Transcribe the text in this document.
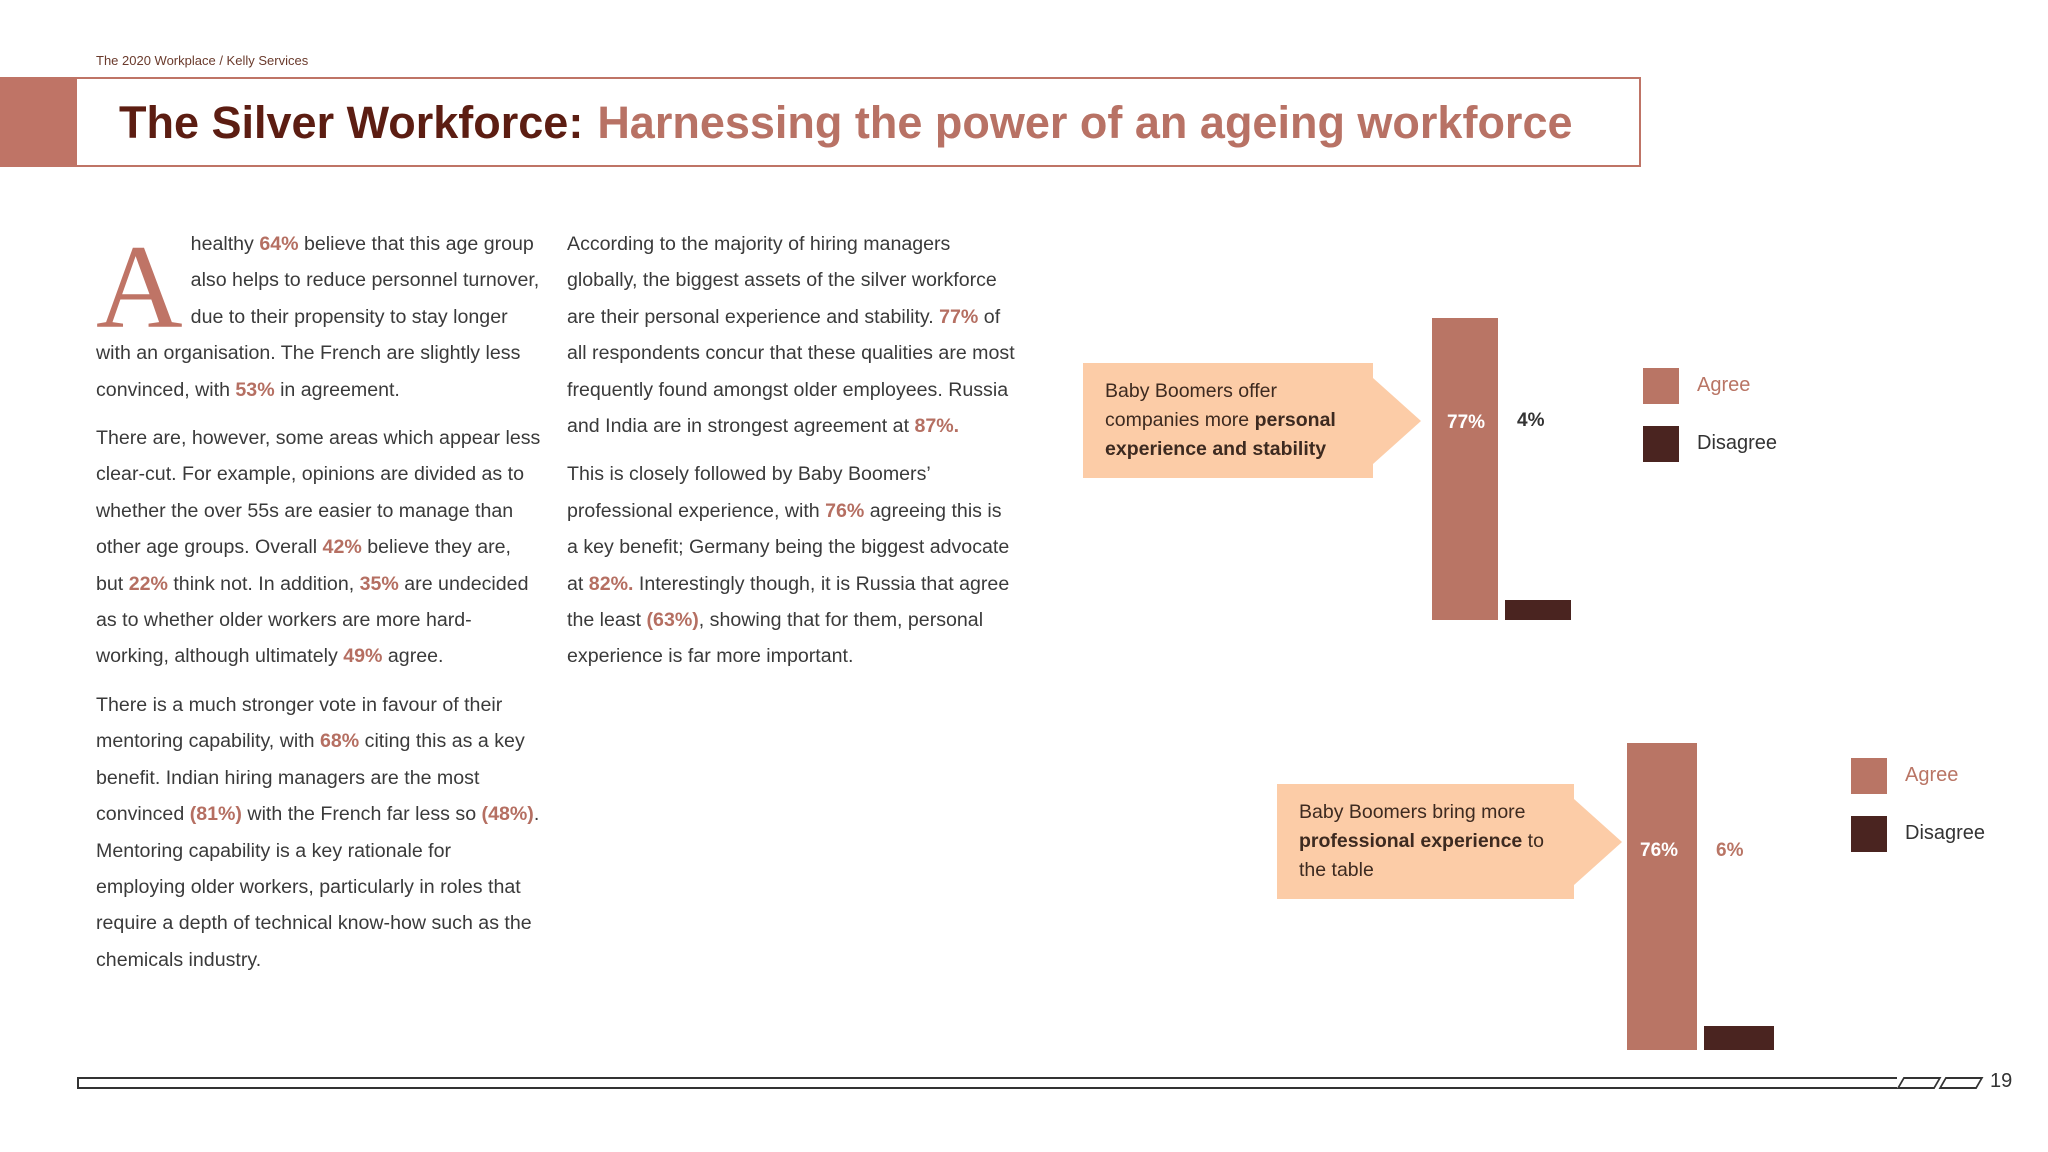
The 2020 Workplace / Kelly Services
The Silver Workforce: Harnessing the power of an ageing workforce

Ahealthy 64% believe that this age group also helps to reduce personnel turnover, due to their propensity to stay longer with an organisation. The French are slightly less convinced, with 53% in agreement.

There are, however, some areas which appear less clear-cut. For example, opinions are divided as to whether the over 55s are easier to manage than other age groups. Overall 42% believe they are, but 22% think not. In addition, 35% are undecided as to whether older workers are more hard-working, although ultimately 49% agree.

There is a much stronger vote in favour of their mentoring capability, with 68% citing this as a key benefit. Indian hiring managers are the most convinced (81%) with the French far less so (48%). Mentoring capability is a key rationale for employing older workers, particularly in roles that require a depth of technical know-how such as the chemicals industry.

According to the majority of hiring managers globally, the biggest assets of the silver workforce are their personal experience and stability. 77% of all respondents concur that these qualities are most frequently found amongst older employees. Russia and India are in strongest agreement at 87%.

This is closely followed by Baby Boomers’ professional experience, with 76% agreeing this is a key benefit; Germany being the biggest advocate at 82%. Interestingly though, it is Russia that agree the least (63%), showing that for them, personal experience is far more important.

Baby Boomers offer companies more personal experience and stability
77% 4%
Agree
Disagree
Baby Boomers bring more professional experience to the table
76% 6%
Agree
Disagree
19
